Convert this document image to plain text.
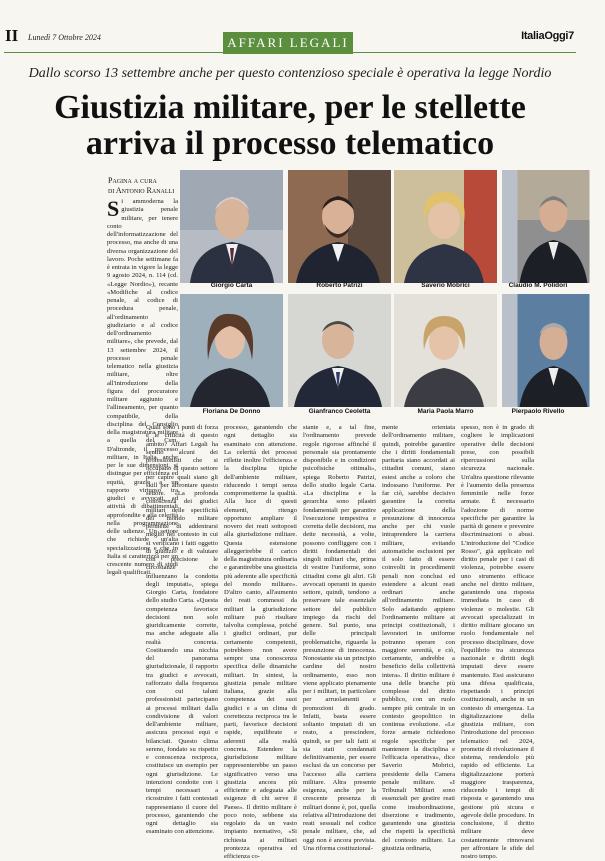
II Lunedì 7 Ottobre 2024	ItaliaOggi7
AFFARI LEGALI
Dallo scorso 13 settembre anche per questo contenzioso speciale è operativa la legge Nordio
Giustizia militare, per le stellette
arriva il processo telematico
Pagina a cura
di Antonio Ranalli
S i ammoderna la giustizia penale militare, per tenere conto dell'informatizzazione del processo, ma anche di una diversa organizzazione del lavoro. Poche settimane fa è entrata in vigore la legge 9 agosto 2024, n. 114 (cd. «Legge Nordio»), recante «Modifiche al codice penale, al codice di procedura penale, all'ordinamento giudiziario e al codice dell'ordinamento militare», che prevede, dal 13 settembre 2024, il processo penale telematico nella giustizia militare, oltre all'introduzione della figura del procuratore militare aggiunto e l'allineamento, per quanto compatibile, della disciplina del Consiglio della magistratura militare a quella del Csm. D'altronde, il processo militare, in Italia, anche per le sue dimensioni, si distingue per efficienza ed equità, grazie a un rapporto virtuoso tra giudici e avvocati, ad attività di dibattimentali approfondite e alla celerità nella programmazione delle udienze. Un settore che richiede un'alta specializzazione e che in Italia si caratterizza per un crescente numero di studi legali qualificati.
Giorgio Carta	Roberto Patrizi	Saverio Mobrici	Claudio M. Polidori
Floriana De Donno	Gianfranco Ceoletta	Maria Paola Marro	Pierpaolo Rivello
Quali sono i punti di forza e le criticità di questo ambito? Affari Legali ha sentito alcuni dei professionisti che si occupano di questo settore per capire quali siano gli skill per affrontare questo settore. «La profonda conoscenza dei giudici militari delle specificità del mondo militare permette di addentrarsi meglio nel contesto in cui si verificano i fatti oggetto di giudizio e di valutare con precisione le circostanze che influenzano la condotta degli imputati», spiega Giorgio Carta, fondatore dello studio Carta. «Questa competenza favorisce decisioni non solo giuridicamente corrette, ma anche adeguate alla realtà concreta. Costituendo una nicchia del panorama giurisdizionale, il rapporto tra giudici e avvocati, rafforzato dalla frequenza con cui taluni professionisti partecipano ai processi militari dalla condivisione di valori dell'ambiente militare, assicura processi equi e bilanciati. Questo clima sereno, fondato su rispetto e conoscenza reciproca, costituisce un esempio per ogni giurisdizione. Le intenzioni condotte con i tempi necessari a ricostruire i fatti contestati rappresentano il cuore del processo, garantendo che ogni dettaglio sia esaminato con attenzione.
processo, garantendo che ogni dettaglio sia esaminato con attenzione. La celerità dei processi riflette inoltre l'efficienza e la disciplina tipiche dell'ambiente militare, riducendo i tempi senza comprometterne la qualità. Alla luce di questi elementi, ritengo opportuno ampliare il novero dei reati sottoposti alla giurisdizione militare. Questa estensione alleggerirebbe il carico della magistratura ordinaria e garantirebbe una giustizia più aderente alle specificità del mondo militare». D'altro canto, all'aumento dei reati commessi da militari la giurisdizione militare può risultare talvolta complessa, poiché i giudici ordinari, pur certamente competenti, potrebbero non avere sempre una conoscenza specifica delle dinamiche militari. In sintesi, la giustizia penale militare italiana, grazie alla competenza dei suoi giudici e a un clima di correttezza reciproca tra le parti, favorisce decisioni rapide, equilibrate e aderenti alla realtà concreta. Estendere la giurisdizione militare rappresenterebbe un passo significativo verso una giustizia ancora più efficiente e adeguata alle esigenze di chi serve il Paese». Il diritto militare è poco noto, sebbene sia regolato da un vasto impianto normativo, «Si richiesta ai militari prontezza operativa ed efficienza co-
stante e, a tal fine, l'ordinamento prevede regole rigorose affinché il personale sia prontamente disponibile e in condizioni psicofisiche ottimali», spiega Roberto Patrizi, dello studio legale Carta. «La disciplina e la gerarchia sono pilastri fondamentali per garantire l'esecuzione tempestiva e corretta delle decisioni, ma dette necessità, a volte, possono confliggere con i diritti fondamentali dei singoli militari che, prima di vestire l'uniforme, sono cittadini come gli altri. Gli avvocati operanti in questo settore, quindi, tendono a preservare tale essenziale settore del pubblico impiego da rischi del genere. Sul punto, una delle principali problematiche, riguarda la presunzione di innocenza. Nonostante sia un principio cardine del nostro ordinamento, esso non viene applicato pienamente per i militari, in particolare per arruolamenti e promozioni di grado. Infatti, basta essere soltanto imputati di un reato, a prescindere, quindi, se per tali fatti si sia stati condannati definitivamente, per essere esclusi da un concorso per l'accesso alla carriera militare. Altra presente esigenza, anche per la crescente presenza di militari donne è, poi, quella relativa all'introduzione dei reati sessuali nel codice penale militare, che, ad oggi non è ancora prevista. Una riforma costituzional-
mente orientata dell'ordinamento militare, quindi, potrebbe garantire che i diritti fondamentali paritaria siano accordati ai cittadini comuni, siano estesi anche a coloro che indossano l'uniforme. Per far ciò, sarebbe decisivo garantire la corretta applicazione della presunzione di innocenza anche per chi vuole intraprendere la carriera militare, evitando automatiche esclusioni per il solo fatto di essere coinvolti in procedimenti penali non conclusi ed estendere a alcuni reati ordinari anche all'ordinamento militare. Solo adattando appieno l'ordinamento militare ai principi costituzionali, i lavoratori in uniforme potranno operare con maggiore serenità, e ciò, certamente, andrebbe a beneficio della collettività intera». Il diritto militare è una delle branche più complesse del diritto pubblico, con un ruolo sempre più centrale in un contesto geopolitico in continua evoluzione. «Le forze armate richiedono regole specifiche per mantenere la disciplina e l'efficacia operativa», dice Saverio Mobrici, presidente della Camera penale militare. «I Tribunali Militari sono essenziali per gestire reati come insubordinazione, diserzione e tradimento, garantendo una giustizia che rispetti la specificità del contesto militare. La giustizia ordinaria,
spesso, non è in grado di cogliere le implicazioni operative delle decisioni prese, con possibili ripercussioni sulla sicurezza nazionale. Un'altra questione rilevante è l'aumento della presenza femminile nelle forze armate. È necessario l'adozione di norme specifiche per garantire la parità di genere e prevenire discriminazioni o abusi. L'introduzione del "Codice Rosso", già applicato nel diritto penale per i casi di violenza, potrebbe essere uno strumento efficace anche nel diritto militare, garantendo una risposta immediata in caso di violenze o molestie. Gli avvocati specializzati in diritto militare giocano un ruolo fondamentale nel processo disciplinare, dove l'equilibrio tra sicurezza nazionale e diritti degli imputati deve essere mantenuto. Essi assicurano una difesa qualificata, rispettando i principi costituzionali, anche in un contesto di emergenza. La digitalizzazione della giustizia militare, con l'introduzione del processo telematico nel 2024, promette di rivoluzionare il sistema, rendendolo più rapido ed efficiente. La digitalizzazione porterà maggiore trasparenza, riducendo i tempi di risposta e garantendo una gestione più sicura e agevole delle procedure. In conclusione, il diritto militare deve costantemente rinnovarsi per affrontare le sfide del nostro tempo.
